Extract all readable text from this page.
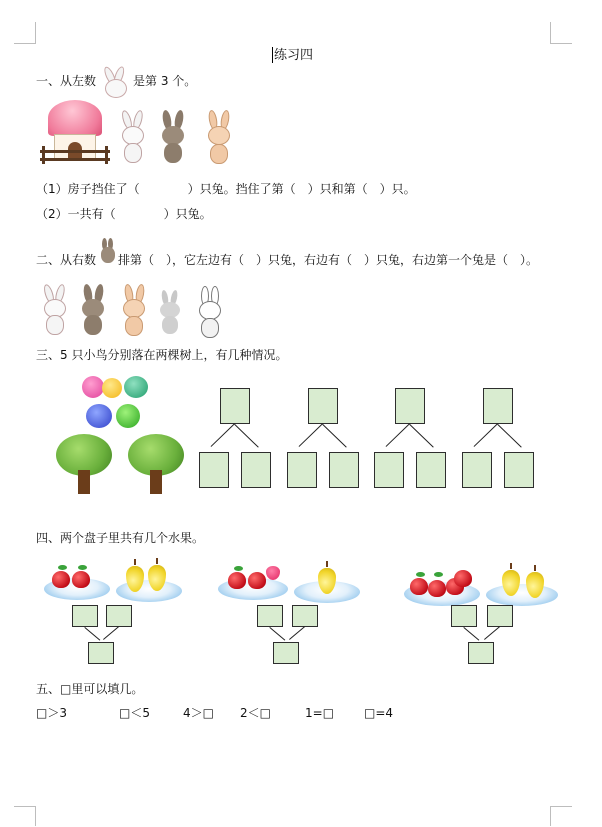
练习四
一、从左数	是第 3 个。
（1）房子挡住了（　　　　）只兔。挡住了第（　）只和第（　）只。
（2）一共有（　　　　）只兔。
二、从右数 排第（　），它左边有（　）只兔，右边有（　）只兔，右边第一个兔是（　）。
三、5 只小鸟分别落在两棵树上，有几种情况。
四、两个盘子里共有几个水果。
五、□里可以填几。
□＞3	□＜5	4＞□ 2＜□	1=□ □=4
